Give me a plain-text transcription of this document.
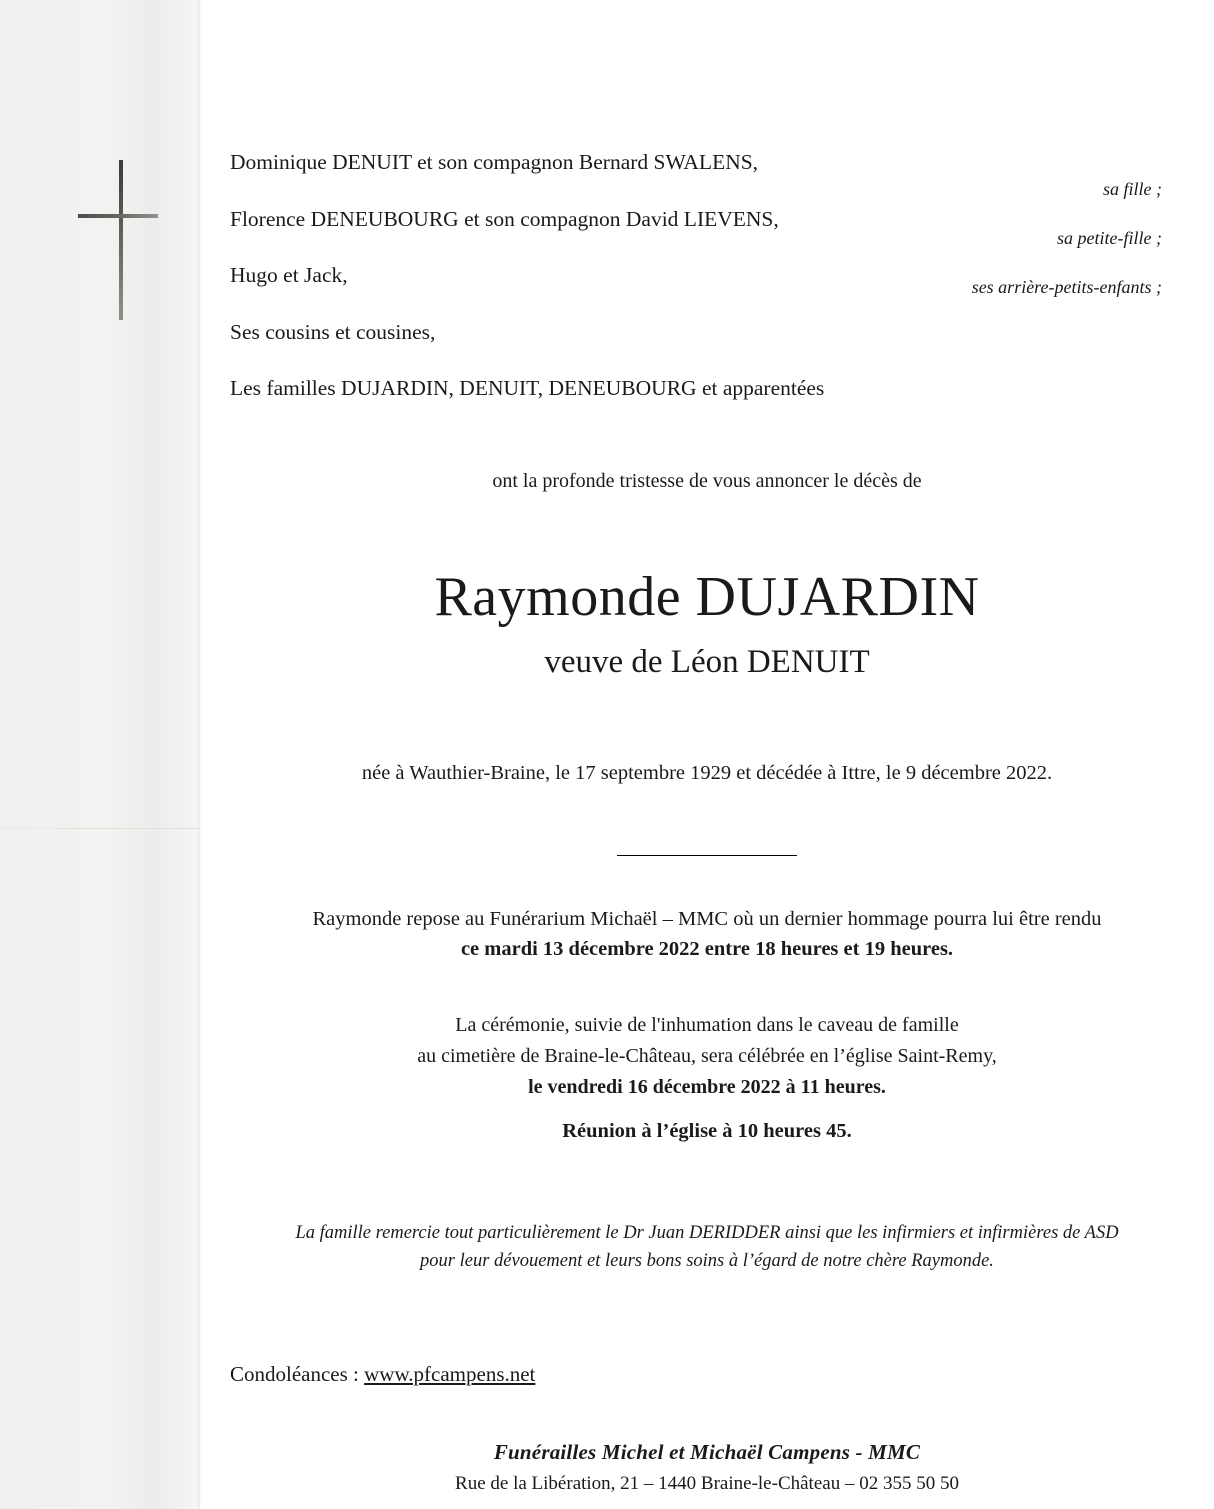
Dominique DENUIT et son compagnon Bernard SWALENS,
Florence DENEUBOURG et son compagnon David LIEVENS,
Hugo et Jack,
Ses cousins et cousines,
Les familles DUJARDIN, DENUIT, DENEUBOURG et apparentées
sa fille ;
sa petite-fille ;
ses arrière-petits-enfants ;
ont la profonde tristesse de vous annoncer le décès de
Raymonde DUJARDIN
veuve de Léon DENUIT
née à Wauthier-Braine, le 17 septembre 1929 et décédée à Ittre, le 9 décembre 2022.
Raymonde repose au Funérarium Michaël – MMC où un dernier hommage pourra lui être rendu
ce mardi 13 décembre 2022 entre 18 heures et 19 heures.
La cérémonie, suivie de l'inhumation dans le caveau de famille
au cimetière de Braine-le-Château, sera célébrée en l’église Saint-Remy,
le vendredi 16 décembre 2022 à 11 heures.
Réunion à l’église à 10 heures 45.
La famille remercie tout particulièrement le Dr Juan DERIDDER ainsi que les infirmiers et infirmières de ASD
pour leur dévouement et leurs bons soins à l’égard de notre chère Raymonde.
Condoléances : www.pfcampens.net
Funérailles Michel et Michaël Campens - MMC
Rue de la Libération, 21 – 1440 Braine-le-Château – 02 355 50 50
